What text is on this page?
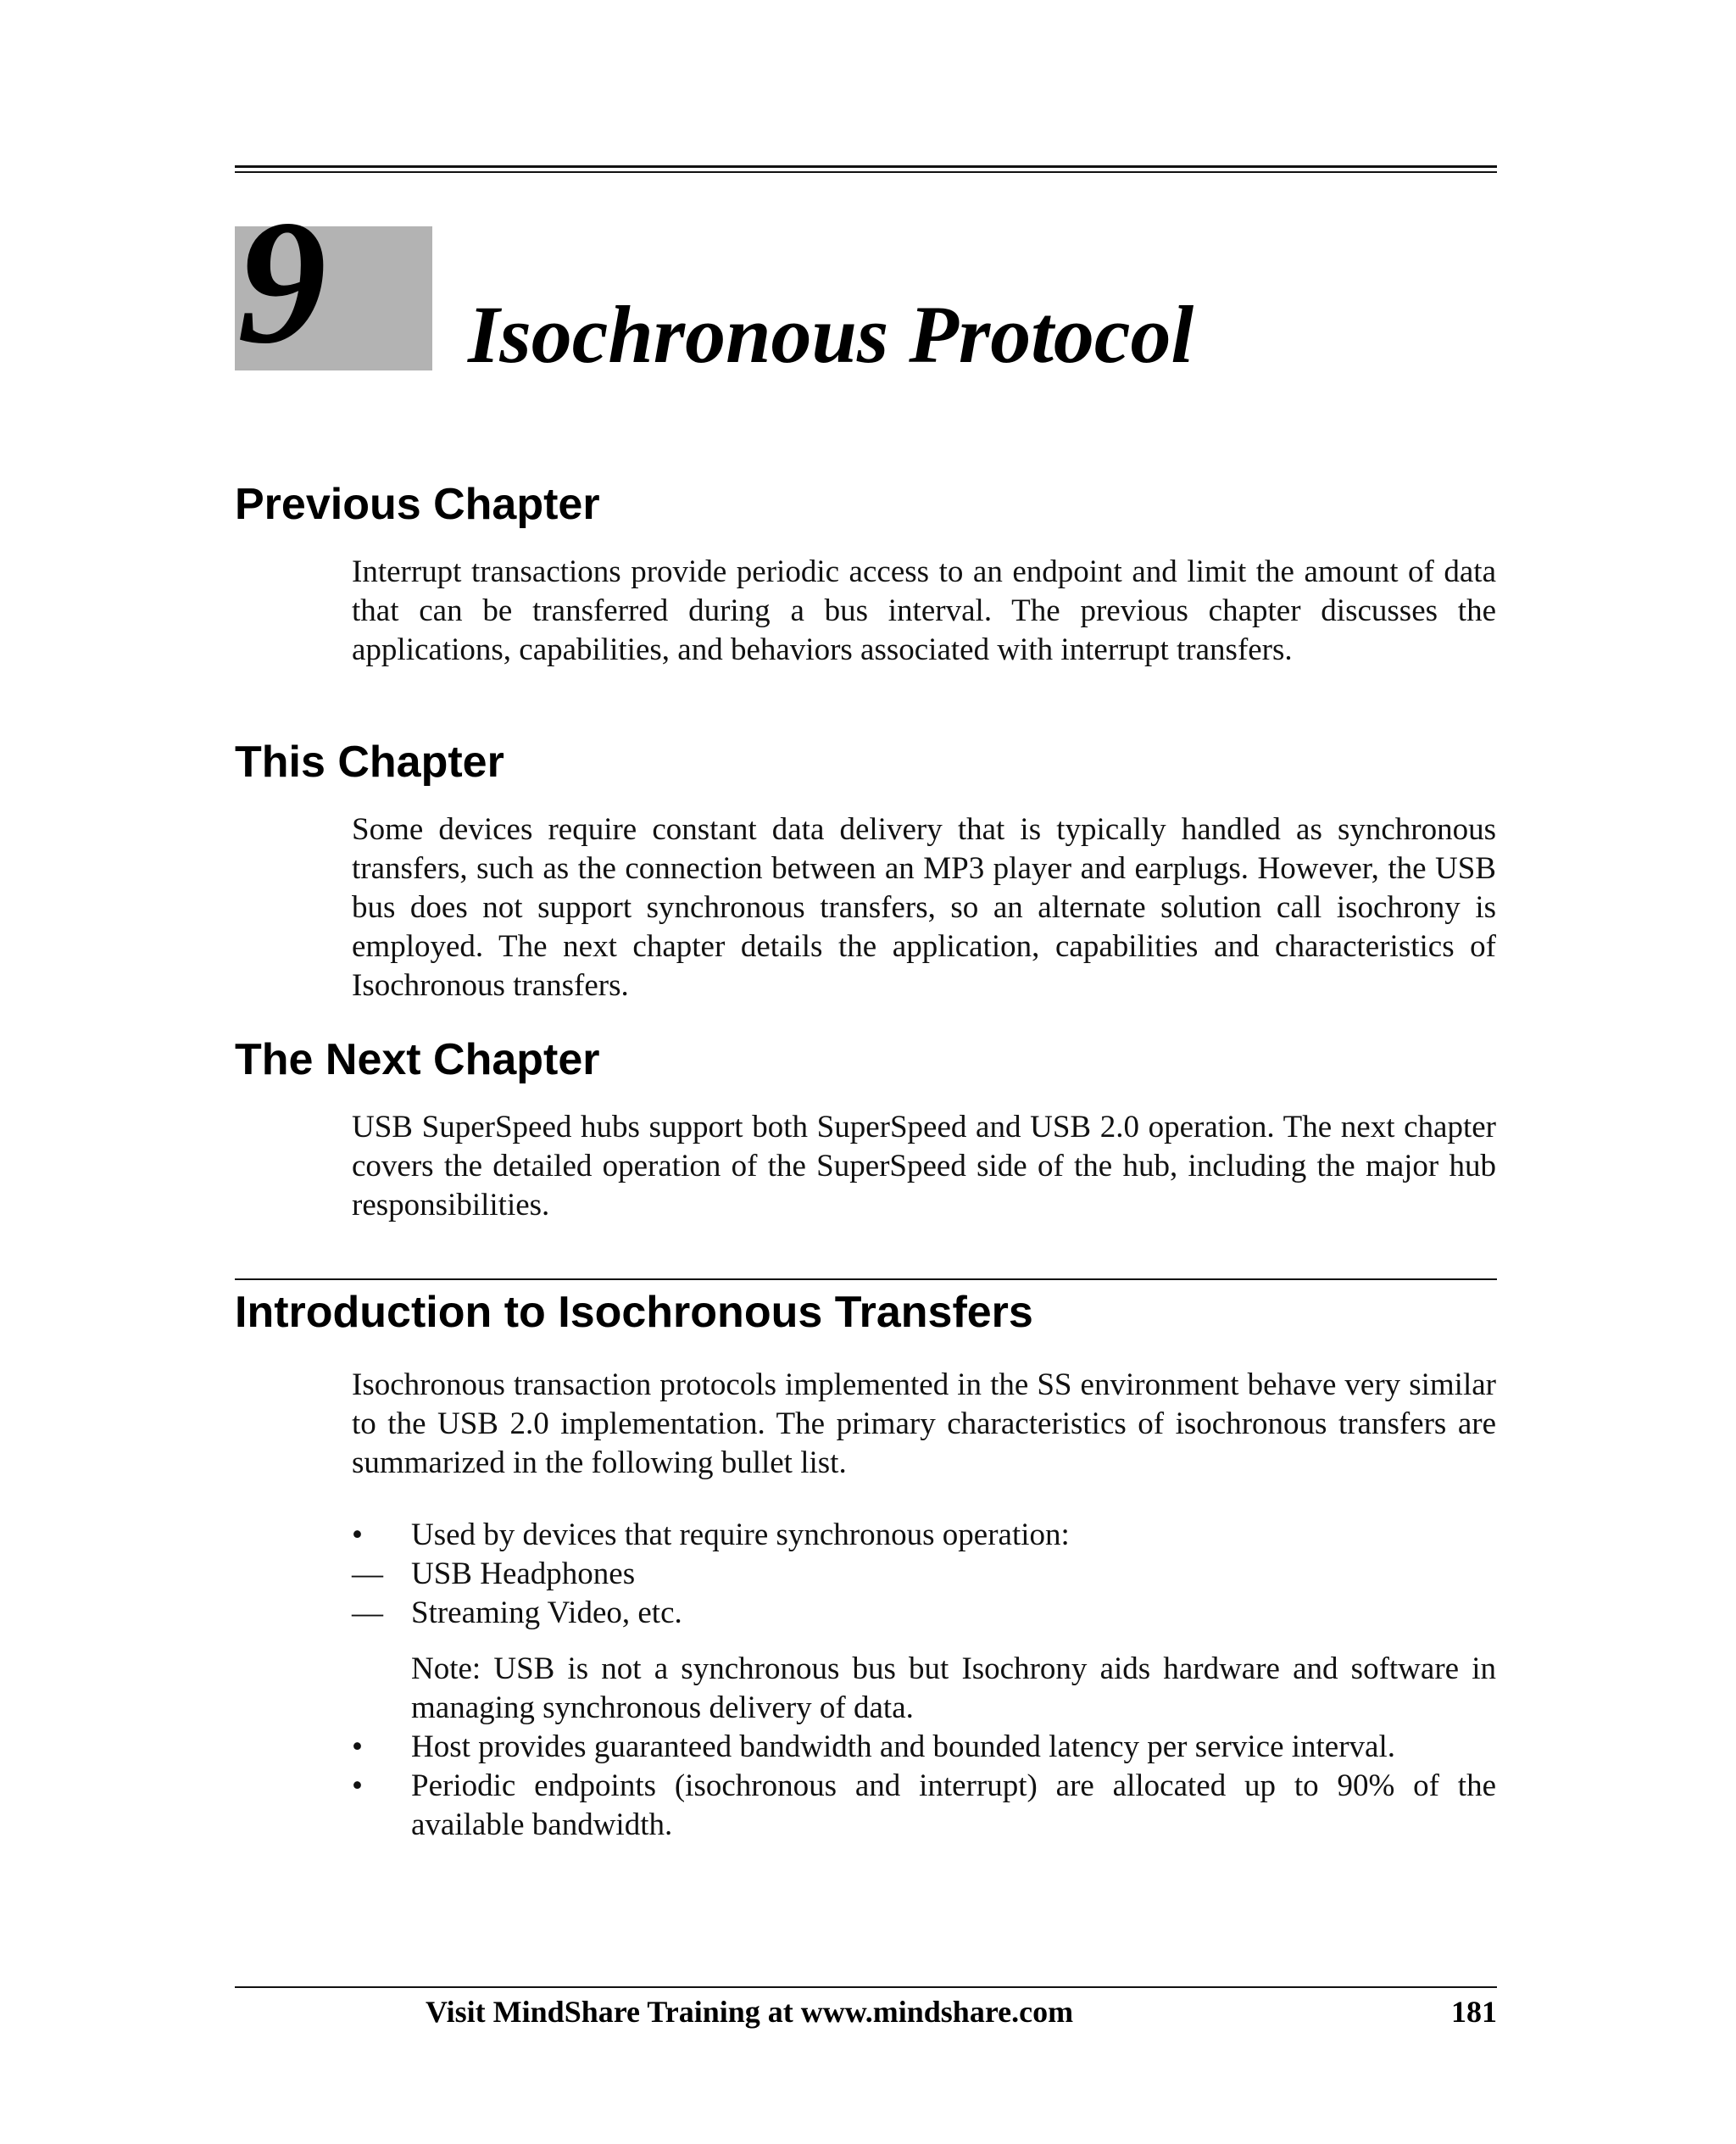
9 Isochronous Protocol
Previous Chapter

Interrupt transactions provide periodic access to an endpoint and limit the amount of data that can be transferred during a bus interval. The previous chapter discusses the applications, capabilities, and behaviors associated with interrupt transfers.

This Chapter

Some devices require constant data delivery that is typically handled as synchronous transfers, such as the connection between an MP3 player and earplugs. However, the USB bus does not support synchronous transfers, so an alternate solution call isochrony is employed. The next chapter details the application, capabilities and characteristics of Isochronous transfers.

The Next Chapter

USB SuperSpeed hubs support both SuperSpeed and USB 2.0 operation. The next chapter covers the detailed operation of the SuperSpeed side of the hub, including the major hub responsibilities.

Introduction to Isochronous Transfers

Isochronous transaction protocols implemented in the SS environment behave very similar to the USB 2.0 implementation. The primary characteristics of isochronous transfers are summarized in the following bullet list.

•	Used by devices that require synchronous operation:
— USB Headphones
— Streaming Video, etc.
Note: USB is not a synchronous bus but Isochrony aids hardware and software in managing synchronous delivery of data.
•	Host provides guaranteed bandwidth and bounded latency per service interval.
•	Periodic endpoints (isochronous and interrupt) are allocated up to 90% of the available bandwidth.
Visit MindShare Training at www.mindshare.com	181
